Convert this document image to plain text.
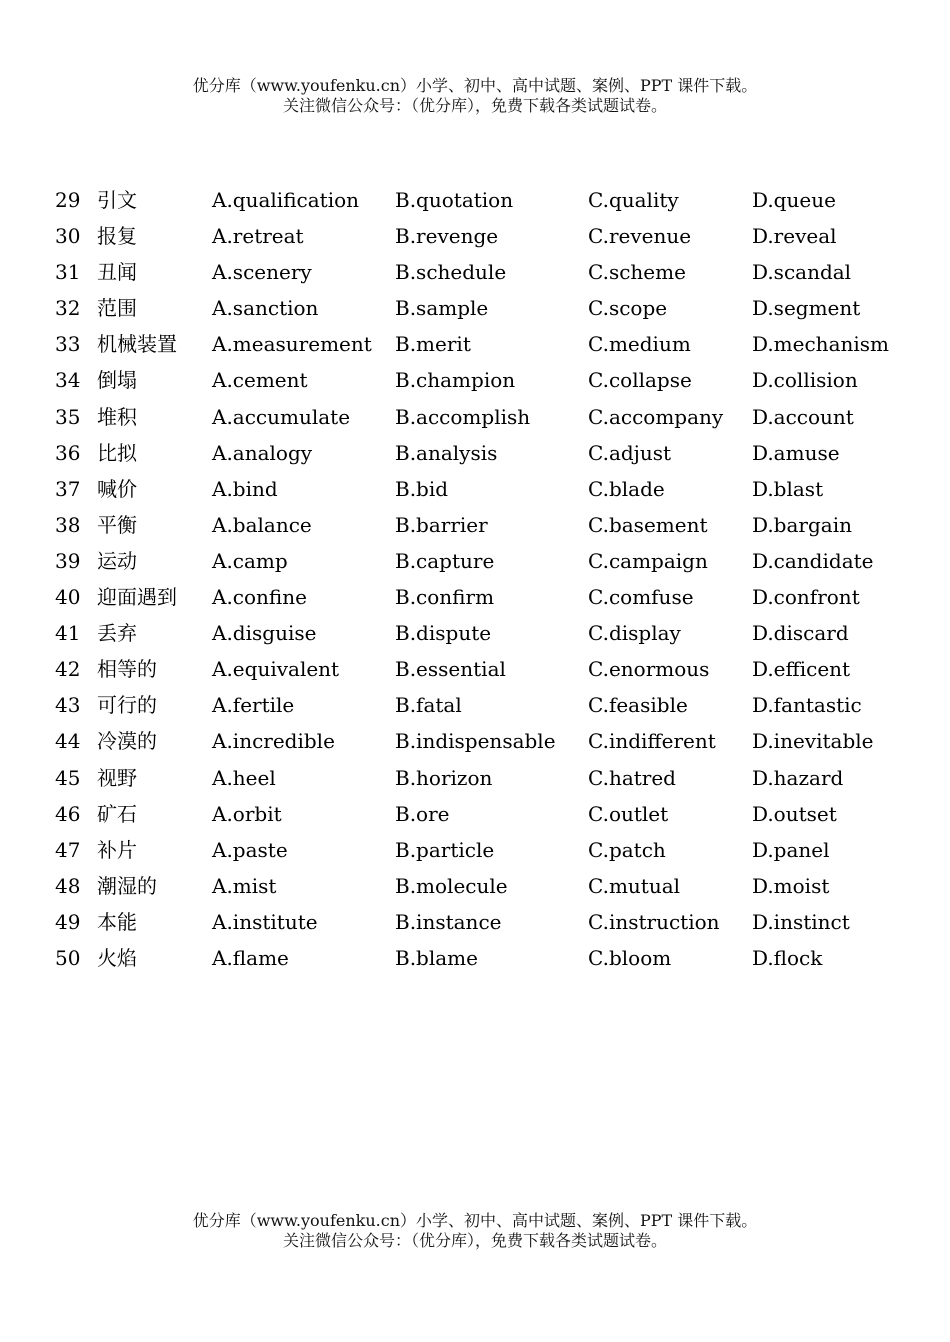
优分库（www.youfenku.cn）小学、初中、高中试题、案例、PPT 课件下载。
关注微信公众号：（优分库），免费下载各类试题试卷。
29 引文	A.qualification B.quotation	C.quality	D.queue
30 报复	A.retreat	B.revenge	C.revenue	D.reveal
31 丑闻	A.scenery	B.schedule	C.scheme	D.scandal
32 范围	A.sanction	B.sample	C.scope	D.segment
33 机械装置 A.measurement B.merit	C.medium	D.mechanism
34 倒塌	A.cement	B.champion	C.collapse	D.collision
35 堆积	A.accumulate B.accomplish	C.accompany D.account
36 比拟	A.analogy	B.analysis	C.adjust	D.amuse
37 喊价	A.bind	B.bid	C.blade	D.blast
38 平衡	A.balance	B.barrier	C.basement D.bargain
39 运动	A.camp	B.capture	C.campaign D.candidate
40 迎面遇到 A.confine	B.confirm	C.comfuse	D.confront
41 丢弃	A.disguise	B.dispute	C.display	D.discard
42 相等的	A.equivalent	B.essential	C.enormous D.efficent
43 可行的	A.fertile	B.fatal	C.feasible	D.fantastic
44 冷漠的	A.incredible	B.indispensable C.indifferent D.inevitable
45 视野	A.heel	B.horizon	C.hatred	D.hazard
46 矿石	A.orbit	B.ore	C.outlet	D.outset
47 补片	A.paste	B.particle	C.patch	D.panel
48 潮湿的	A.mist	B.molecule	C.mutual	D.moist
49 本能	A.institute	B.instance	C.instruction D.instinct
50 火焰	A.flame	B.blame	C.bloom	D.flock
优分库（www.youfenku.cn）小学、初中、高中试题、案例、PPT 课件下载。
关注微信公众号：（优分库），免费下载各类试题试卷。
